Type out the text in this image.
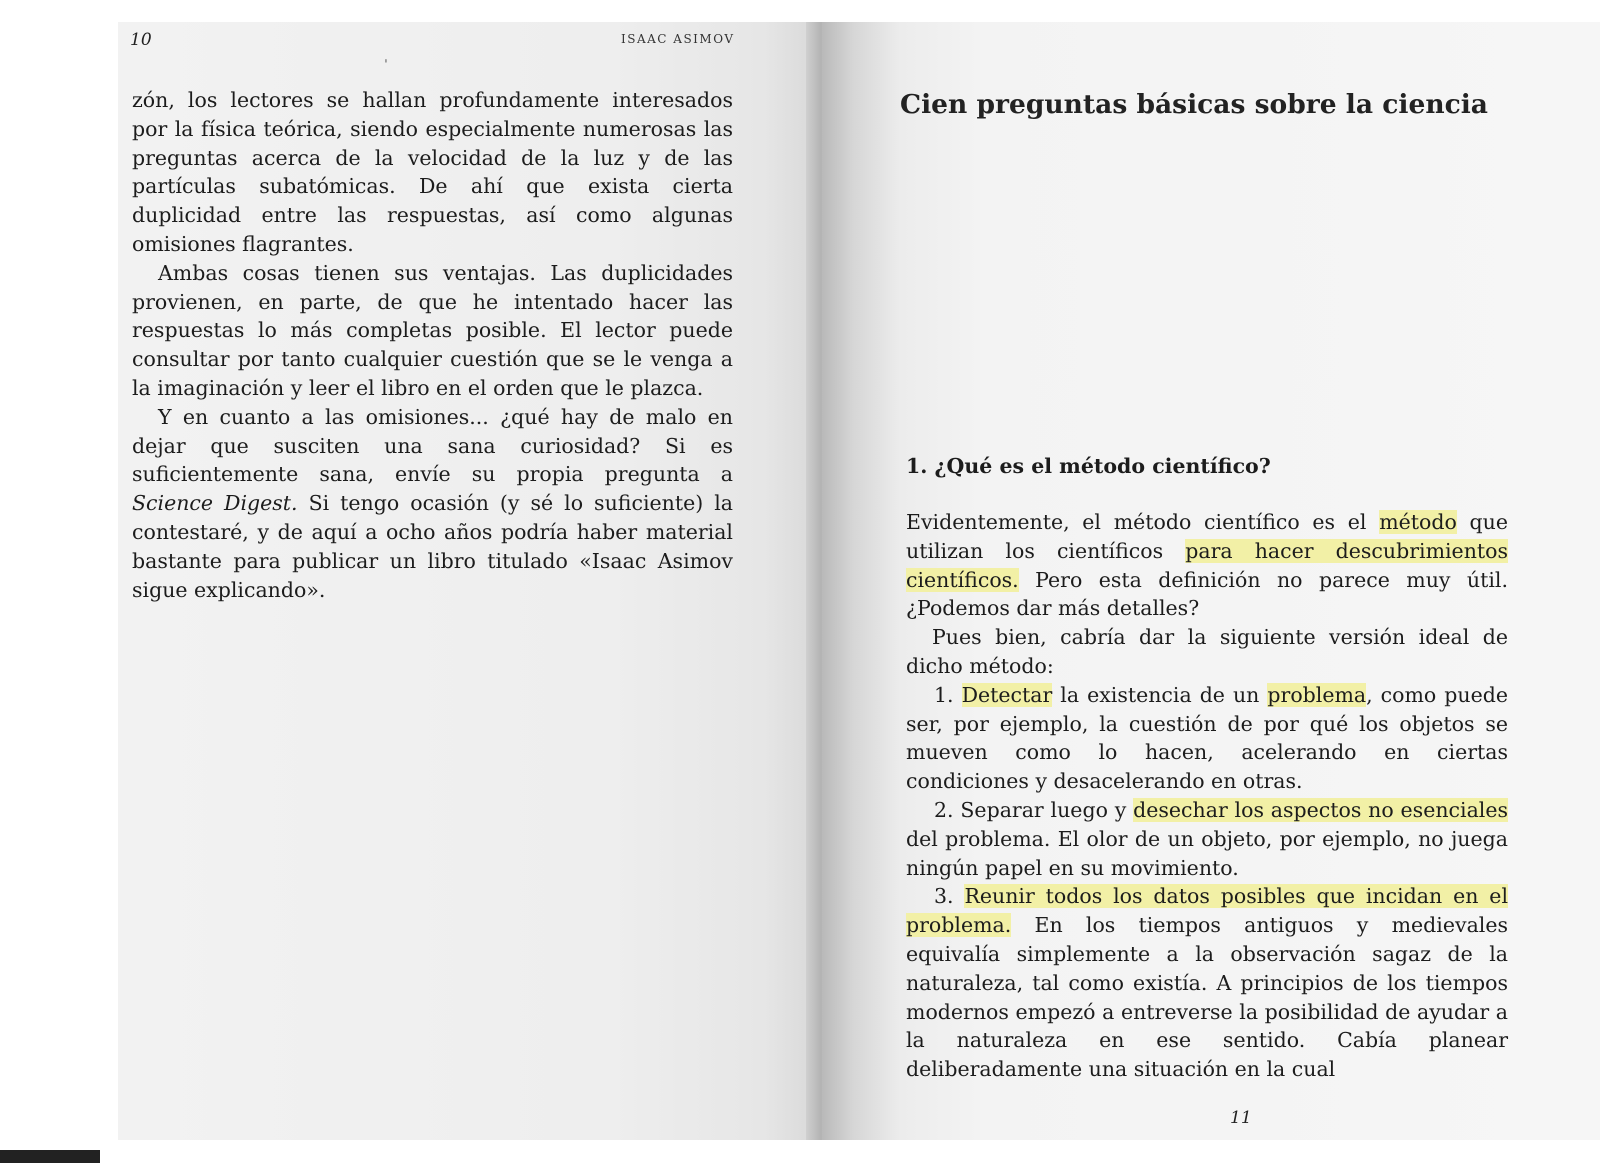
10	ISAAC ASIMOV
ˈ

zón, los lectores se hallan profundamente interesados por la física teórica, siendo especialmente numerosas las preguntas acerca de la velocidad de la luz y de las partículas subatómicas. De ahí que exista cierta duplicidad entre las respuestas, así como algunas omisiones flagrantes.

Ambas cosas tienen sus ventajas. Las duplicidades provienen, en parte, de que he intentado hacer las respuestas lo más completas posible. El lector puede consultar por tanto cualquier cuestión que se le venga a la imaginación y leer el libro en el orden que le plazca.

Y en cuanto a las omisiones... ¿qué hay de malo en dejar que susciten una sana curiosidad? Si es suficientemente sana, envíe su propia pregunta a Science Digest. Si tengo ocasión (y sé lo suficiente) la contestaré, y de aquí a ocho años podría haber material bastante para publicar un libro titulado «Isaac Asimov sigue explicando».

Cien preguntas básicas sobre la ciencia
1. ¿Qué es el método científico?

Evidentemente, el método científico es el método que utilizan los científicos para hacer descubrimientos científicos. Pero esta definición no parece muy útil. ¿Podemos dar más detalles?

Pues bien, cabría dar la siguiente versión ideal de dicho método:

1. Detectar la existencia de un problema, como puede ser, por ejemplo, la cuestión de por qué los objetos se mueven como lo hacen, acelerando en ciertas condiciones y desacelerando en otras.

2. Separar luego y desechar los aspectos no esenciales del problema. El olor de un objeto, por ejemplo, no juega ningún papel en su movimiento.

3. Reunir todos los datos posibles que incidan en el problema. En los tiempos antiguos y medievales equivalía simplemente a la observación sagaz de la naturaleza, tal como existía. A principios de los tiempos modernos empezó a entreverse la posibilidad de ayudar a la naturaleza en ese sentido. Cabía planear deliberadamente una situación en la cual

11
